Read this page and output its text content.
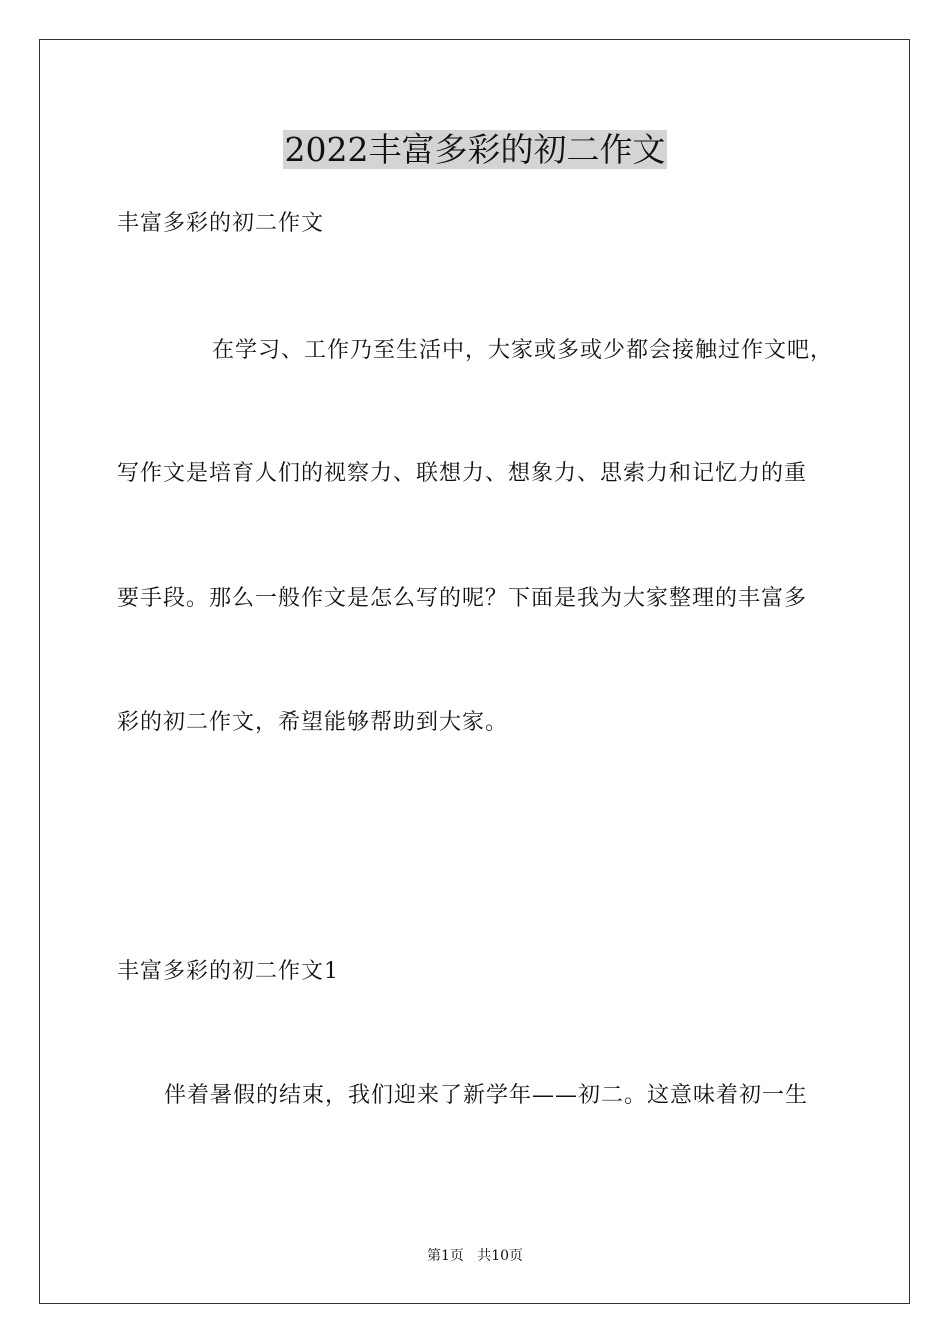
2022丰富多彩的初二作文
丰富多彩的初二作文
在学习、工作乃至生活中，大家或多或少都会接触过作文吧，
写作文是培育人们的视察力、联想力、想象力、思索力和记忆力的重
要手段。那么一般作文是怎么写的呢？下面是我为大家整理的丰富多
彩的初二作文，希望能够帮助到大家。
丰富多彩的初二作文1
伴着暑假的结束，我们迎来了新学年——初二。这意味着初一生
第1页   共10页
